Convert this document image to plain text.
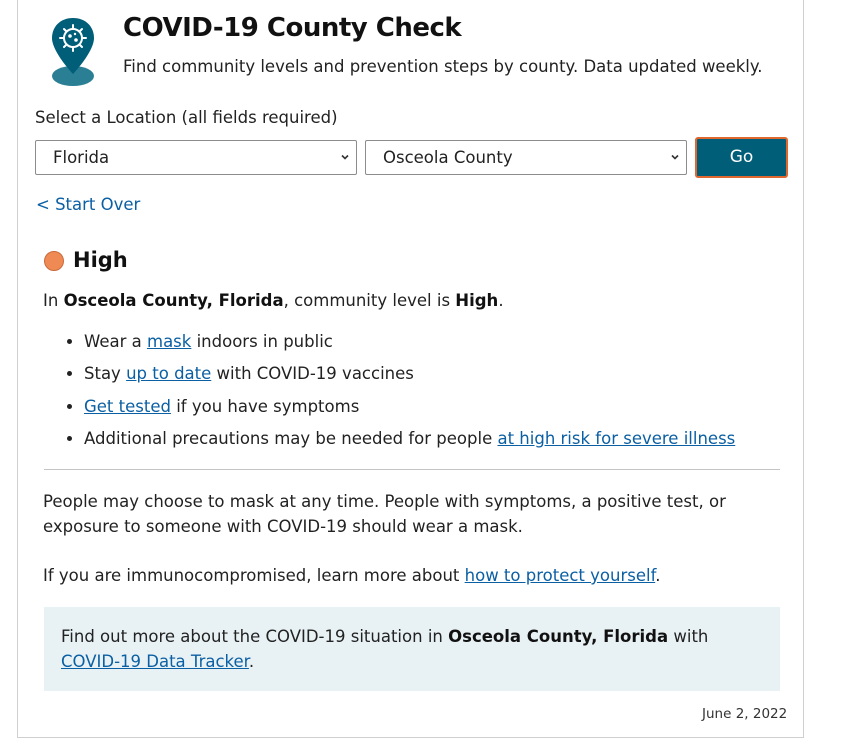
COVID-19 County Check
Find community levels and prevention steps by county. Data updated weekly.
Select a Location (all fields required)
Florida	Osceola County	Go
< Start Over
High
In Osceola County, Florida, community level is High.
• Wear a mask indoors in public
• Stay up to date with COVID-19 vaccines
• Get tested if you have symptoms
• Additional precautions may be needed for people at high risk for severe illness

People may choose to mask at any time. People with symptoms, a positive test, or exposure to someone with COVID-19 should wear a mask.

If you are immunocompromised, learn more about how to protect yourself.

Find out more about the COVID-19 situation in Osceola County, Florida with COVID-19 Data Tracker.
June 2, 2022
